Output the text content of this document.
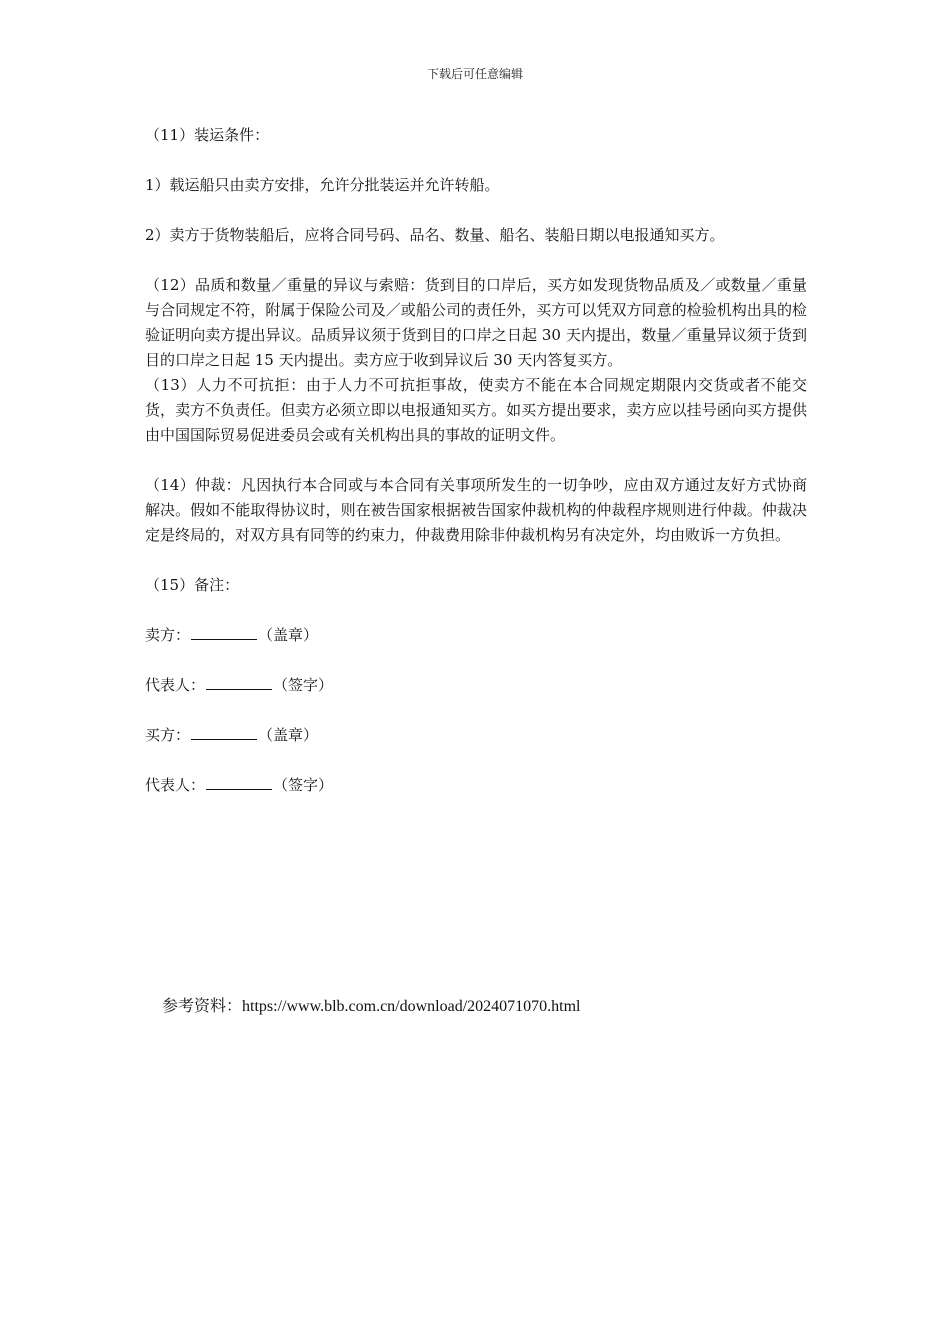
下载后可任意编辑

（11）装运条件：

1）载运船只由卖方安排，允许分批装运并允许转船。

2）卖方于货物装船后，应将合同号码、品名、数量、船名、装船日期以电报通知买方。

（12）品质和数量／重量的异议与索赔：货到目的口岸后，买方如发现货物品质及／或数量／重量与合同规定不符，附属于保险公司及／或船公司的责任外，买方可以凭双方同意的检验机构出具的检验证明向卖方提出异议。品质异议须于货到目的口岸之日起 30 天内提出，数量／重量异议须于货到目的口岸之日起 15 天内提出。卖方应于收到异议后 30 天内答复买方。

（13）人力不可抗拒：由于人力不可抗拒事故，使卖方不能在本合同规定期限内交货或者不能交货，卖方不负责任。但卖方必须立即以电报通知买方。如买方提出要求，卖方应以挂号函向买方提供由中国国际贸易促进委员会或有关机构出具的事故的证明文件。

（14）仲裁：凡因执行本合同或与本合同有关事项所发生的一切争吵，应由双方通过友好方式协商解决。假如不能取得协议时，则在被告国家根据被告国家仲裁机构的仲裁程序规则进行仲裁。仲裁决定是终局的，对双方具有同等的约束力，仲裁费用除非仲裁机构另有决定外，均由败诉一方负担。

（15）备注：

卖方：	（盖章）

代表人：	（签字）

买方：	（盖章）

代表人：	（签字）

参考资料：https://www.blb.com.cn/download/2024071070.html
